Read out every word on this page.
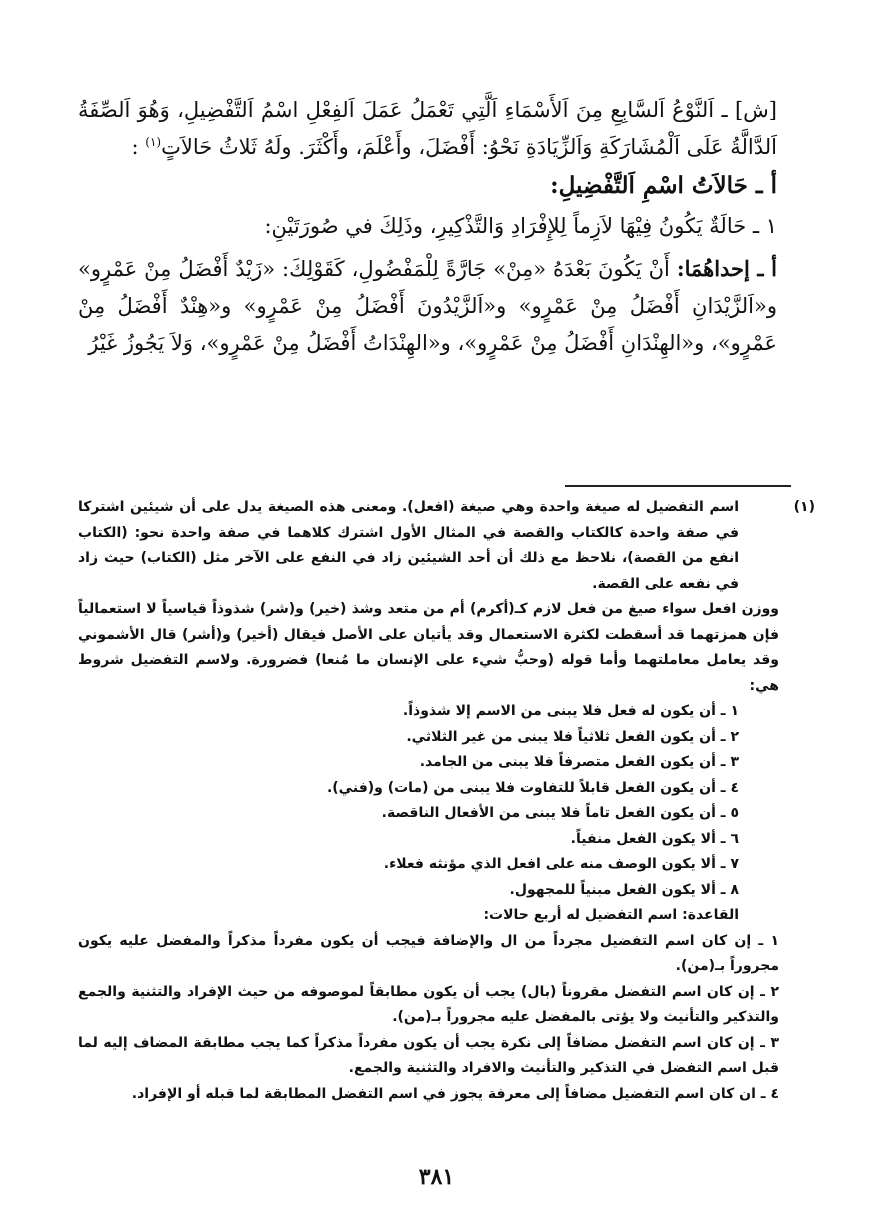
[ش] ـ اَلنَّوْعُ اَلسَّابِعِ مِنَ اَلأَسْمَاءِ اَلَّتِي تَعْمَلُ عَمَلَ اَلفِعْلِ اسْمُ اَلتَّفْضِيلِ، وَهُوَ اَلصِّفَةُ اَلدَّالَّةُ عَلَى اَلْمُشَارَكَةِ وَاَلزِّيَادَةِ نَحْوُ: أَفْضَلَ، وأَعْلَمَ، وأَكْثَرَ. ولَهُ ثَلاثُ حَالاَتٍ$^{(١)}$ :

أ ـ حَالاَتُ اسْمِ اَلتَّفْضِيلِ:

١ ـ حَالَةٌ يَكُونُ فِيْهَا لاَزِماً لِلإِفْرَادِ وَالتَّذْكِيرِ، وذَلِكَ في صُورَتَيْنِ:

أ ـ إحداهُمَا: أَنْ يَكُونَ بَعْدَهُ «مِنْ» جَارَّةً لِلْمَفْضُولِ، كَقَوْلِكَ: «زَيْدٌ أَفْضَلُ مِنْ عَمْرٍو» و«اَلزَّيْدَانِ أَفْضَلُ مِنْ عَمْرٍو» و«اَلزَّيْدُونَ أَفْضَلُ مِنْ عَمْرٍو» و«هِنْدٌ أَفْضَلُ مِنْ عَمْرٍو»، و«الهِنْدَانِ أَفْضَلُ مِنْ عَمْرٍو»، و«الهِنْدَاتُ أَفْضَلُ مِنْ عَمْرٍو»، وَلاَ يَجُوزُ غَيْرُ

(١)

اسم التفضيل له صيغة واحدة وهي صيغة (افعل). ومعنى هذه الصيغة يدل على أن شيئين اشتركا في صفة واحدة كالكتاب والقصة في المثال الأول اشترك كلاهما في صفة واحدة نحو: (الكتاب انفع من القصة)، نلاحظ مع ذلك أن أحد الشيئين زاد في النفع على الآخر مثل (الكتاب) حيث زاد في نفعه على القصة.

ووزن افعل سواء صيغ من فعل لازم كـ(أكرم) أم من متعد وشذ (خير) و(شر) شذوذاً قياسياً لا استعمالياً فإن همزتهما قد أسقطت لكثرة الاستعمال وقد يأتيان على الأصل فيقال (أخير) و(أشر) قال الأشموني وقد يعامل معاملتهما وأما قوله (وحبُّ شيء على الإنسان ما مُنعا) فضرورة. ولاسم التفضيل شروط هي:

١ ـ أن يكون له فعل فلا يبنى من الاسم إلا شذوذاً.

٢ ـ أن يكون الفعل ثلاثياً فلا يبنى من غير الثلاثي.

٣ ـ أن يكون الفعل متصرفاً فلا يبنى من الجامد.

٤ ـ أن يكون الفعل قابلاً للتفاوت فلا يبنى من (مات) و(فني).

٥ ـ أن يكون الفعل تاماً فلا يبنى من الأفعال الناقصة.

٦ ـ ألا يكون الفعل منفياً.

٧ ـ ألا يكون الوصف منه على افعل الذي مؤنثه فعلاء.

٨ ـ ألا يكون الفعل مبنياً للمجهول.

القاعدة: اسم التفضيل له أربع حالات:

١ ـ إن كان اسم التفضيل مجرداً من ال والإضافة فيجب أن يكون مفرداً مذكراً والمفضل عليه يكون مجروراً بـ(من).

٢ ـ إن كان اسم التفضل مقروناً (بال) يجب أن يكون مطابقاً لموصوفه من حيث الإفراد والتثنية والجمع والتذكير والتأنيث ولا يؤتى بالمفضل عليه مجروراً بـ(من).

٣ ـ إن كان اسم التفضل مضافاً إلى نكرة يجب أن يكون مفرداً مذكراً كما يجب مطابقة المضاف إليه لما قبل اسم التفضل في التذكير والتأنيث والافراد والتثنية والجمع.

٤ ـ ان كان اسم التفضيل مضافاً إلى معرفة يجوز في اسم التفضل المطابقة لما قبله أو الإفراد.

٣٨١
